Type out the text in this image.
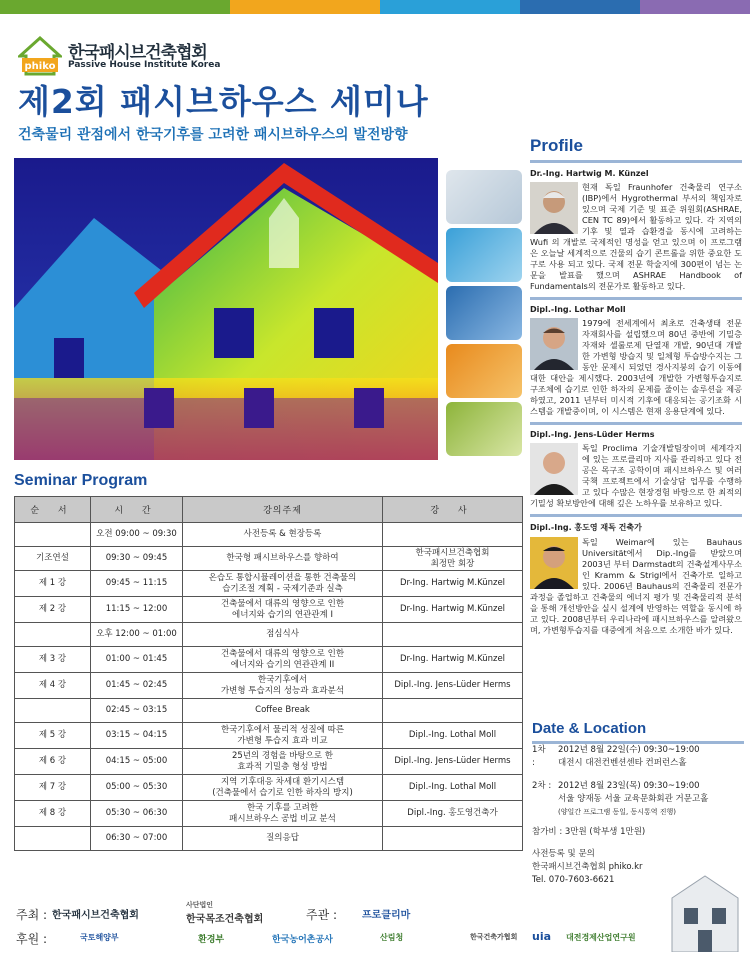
phiko
한국패시브건축협회
Passive House Institute Korea
제2회 패시브하우스 세미나
건축물리 관점에서 한국기후를 고려한 패시브하우스의 발전방향
Seminar Program
순 서	시 간	강의주제	강 사
	오전 09:00 ~ 09:30	사전등록 & 현장등록	
기조연설	09:30 ~ 09:45	한국형 패시브하우스를 향하여	한국패시브건축협회
최정만 회장
제 1 강	09:45 ~ 11:15	온습도 통합시뮬레이션을 통한 건축물의
습기조절 계획 - 국제기준과 실측	Dr-Ing. Hartwig M.Künzel
제 2 강	11:15 ~ 12:00	건축물에서 대류의 영향으로 인한
에너지와 습기의 연관관계 I	Dr-Ing. Hartwig M.Künzel
	오후 12:00 ~ 01:00	점심식사	
제 3 강	01:00 ~ 01:45	건축물에서 대류의 영향으로 인한
에너지와 습기의 연관관계 II	Dr-Ing. Hartwig M.Künzel
제 4 강	01:45 ~ 02:45	한국기후에서
가변형 투습지의 성능과 효과분석	Dipl.-Ing. Jens-Lüder Herms
	02:45 ~ 03:15	Coffee Break	
제 5 강	03:15 ~ 04:15	한국기후에서 물리적 성질에 따른
가변형 투습지 효과 비교	Dipl.-Ing. Lothal Moll
제 6 강	04:15 ~ 05:00	25년의 경험을 바탕으로 한
효과적 기밀층 형성 방법	Dipl.-Ing. Jens-Lüder Herms
제 7 강	05:00 ~ 05:30	지역 기후대응 차세대 환기시스템
(건축물에서 습기로 인한 하자의 방지)	Dipl.-Ing. Lothal Moll
제 8 강	05:30 ~ 06:30	한국 기후를 고려한
패시브하우스 공법 비교 분석	Dipl.-Ing. 홍도영건축가
	06:30 ~ 07:00	질의응답	
Profile
Dr.-Ing. Hartwig M. Künzel
현재 독일 Fraunhofer 건축물리 연구소 (IBP)에서 Hygrothermal 부서의 책임자로 있으며 국제 기준 및 표준 위원회(ASHRAE, CEN TC 89)에서 활동하고 있다. 각 지역의 기후 및 열과 습환경을 동시에 고려하는 Wufi 의 개발로 국제적인 명성을 얻고 있으며 이 프로그램은 오늘날 세계적으로 건물의 습기 콘트롤을 위한 중요한 도구로 사용 되고 있다. 국제 전문 학술지에 300편이 넘는 논문을 발표를 했으며 ASHRAE Handbook of Fundamentals의 전문가로 활동하고 있다.
Dipl.-Ing. Lothar Moll
1979에 전세계에서 최초로 건축생태 전문 자재회사를 설립했으며 80년 중반에 기밀층 자재와 셀룰로제 단열재 개발, 90년대 개발한 가변형 방습지 및 일체형 투습방수지는 그동안 문제시 되었던 경사지붕의 습기 이동에 대한 대안을 제시했다. 2003년에 개발한 가변형투습지로 구조체에 습기로 인한 하자의 문제를 줄이는 솔루션을 제공하였고, 2011 년부터 미시적 기후에 대응되는 공기조화 시스템을 개발중이며, 이 시스템은 현재 응용단계에 있다.
Dipl.-Ing. Jens-Lüder Herms
독일 Proclima 기술개발팀장이며 세계각지에 있는 프로클리마 지사를 관리하고 있다 전공은 목구조 공학이며 패시브하우스 및 여러 국책 프로젝트에서 기술상담 업무를 수행하고 있다 수많은 현장경험 바탕으로 한 최적의 기밀성 확보방안에 대해 깊은 노하우를 보유하고 있다.
Dipl.-Ing. 홍도영 재독 건축가
독일 Weimar에 있는 Bauhaus Universität에서 Dip.-Ing를 받았으며 2003년 부터 Darmstadt의 건축설계사무소인 Kramm & Strigl에서 건축가로 일하고 있다. 2006년 Bauhaus의 건축물리 전문가 과정을 졸업하고 건축물의 에너지 평가 및 건축물리적 분석을 통해 개선방안을 실시 설계에 반영하는 역할을 동시에 하고 있다. 2008년부터 우리나라에 패시브하우스를 알려왔으며, 가변형투습지를 대중에게 처음으로 소개한 바가 있다.
Date & Location
1차 :
2012년 8월 22일(수) 09:30~19:00
대전시 대전컨벤션센타 컨퍼런스홀
2차 : 2012년 8월 23일(목) 09:30~19:00
서울 양재동 서울 교육문화회관 거문고홀
(양일간 프로그램 동일, 동시통역 진행)
참가비 : 3만원 (학부생 1만원)
사전등록 및 문의
한국패시브건축협회 phiko.kr
Tel. 070-7603-6621
주최 : 한국패시브건축협회
사단법인
한국목조건축협회	주관 : 프로클리마
후원 :	국토해양부	환경부	한국농어촌공사	산림청	한국건축가협회 uia 대전경제산업연구원
